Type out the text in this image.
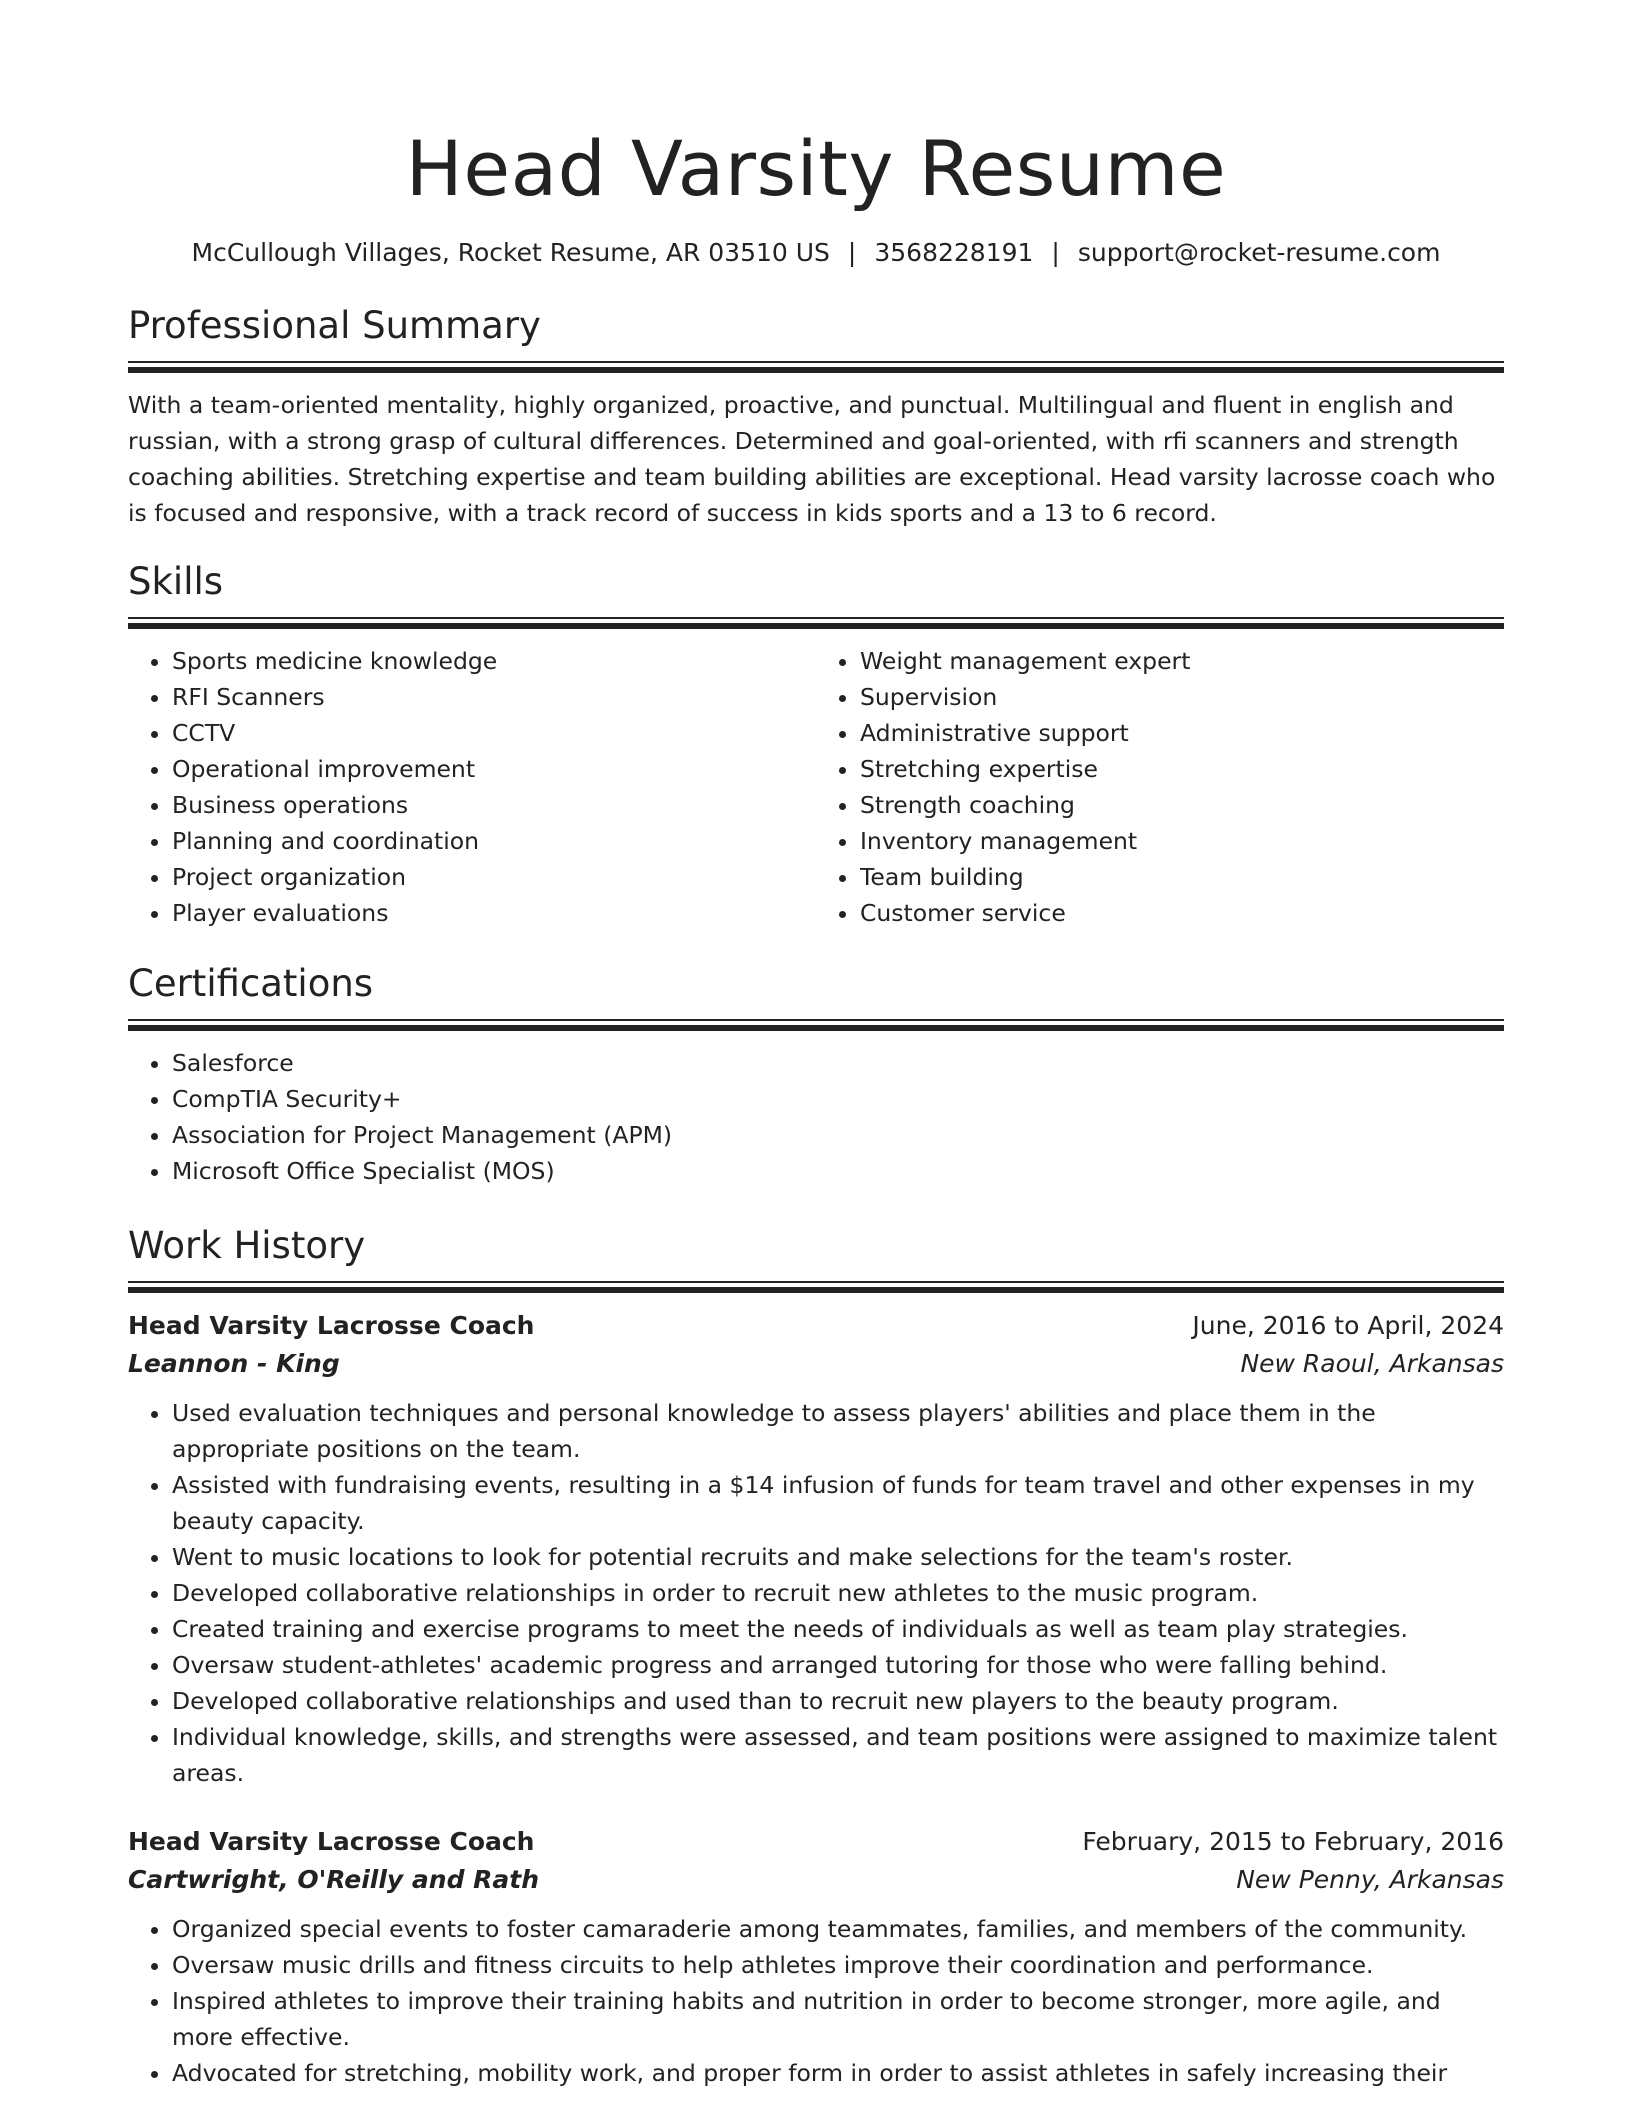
Head Varsity Resume
McCullough Villages, Rocket Resume, AR 03510 US | 3568228191 | support@rocket-resume.com
Professional Summary

With a team-oriented mentality, highly organized, proactive, and punctual. Multilingual and fluent in english and russian, with a strong grasp of cultural differences. Determined and goal-oriented, with rfi scanners and strength coaching abilities. Stretching expertise and team building abilities are exceptional. Head varsity lacrosse coach who is focused and responsive, with a track record of success in kids sports and a 13 to 6 record.

Skills
• Sports medicine knowledge
• RFI Scanners
• CCTV
• Operational improvement
• Business operations
• Planning and coordination
• Project organization
• Player evaluations
• Weight management expert
• Supervision
• Administrative support
• Stretching expertise
• Strength coaching
• Inventory management
• Team building
• Customer service
Certifications
• Salesforce
• CompTIA Security+
• Association for Project Management (APM)
• Microsoft Office Specialist (MOS)
Work History
Head Varsity Lacrosse Coach	June, 2016 to April, 2024
Leannon - King	New Raoul, Arkansas
• Used evaluation techniques and personal knowledge to assess players' abilities and place them in the appropriate positions on the team.
• Assisted with fundraising events, resulting in a $14 infusion of funds for team travel and other expenses in my beauty capacity.
• Went to music locations to look for potential recruits and make selections for the team's roster.
• Developed collaborative relationships in order to recruit new athletes to the music program.
• Created training and exercise programs to meet the needs of individuals as well as team play strategies.
• Oversaw student-athletes' academic progress and arranged tutoring for those who were falling behind.
• Developed collaborative relationships and used than to recruit new players to the beauty program.
• Individual knowledge, skills, and strengths were assessed, and team positions were assigned to maximize talent areas.
Head Varsity Lacrosse Coach	February, 2015 to February, 2016
Cartwright, O'Reilly and Rath	New Penny, Arkansas
• Organized special events to foster camaraderie among teammates, families, and members of the community.
• Oversaw music drills and fitness circuits to help athletes improve their coordination and performance.
• Inspired athletes to improve their training habits and nutrition in order to become stronger, more agile, and more effective.
• Advocated for stretching, mobility work, and proper form in order to assist athletes in safely increasing their
